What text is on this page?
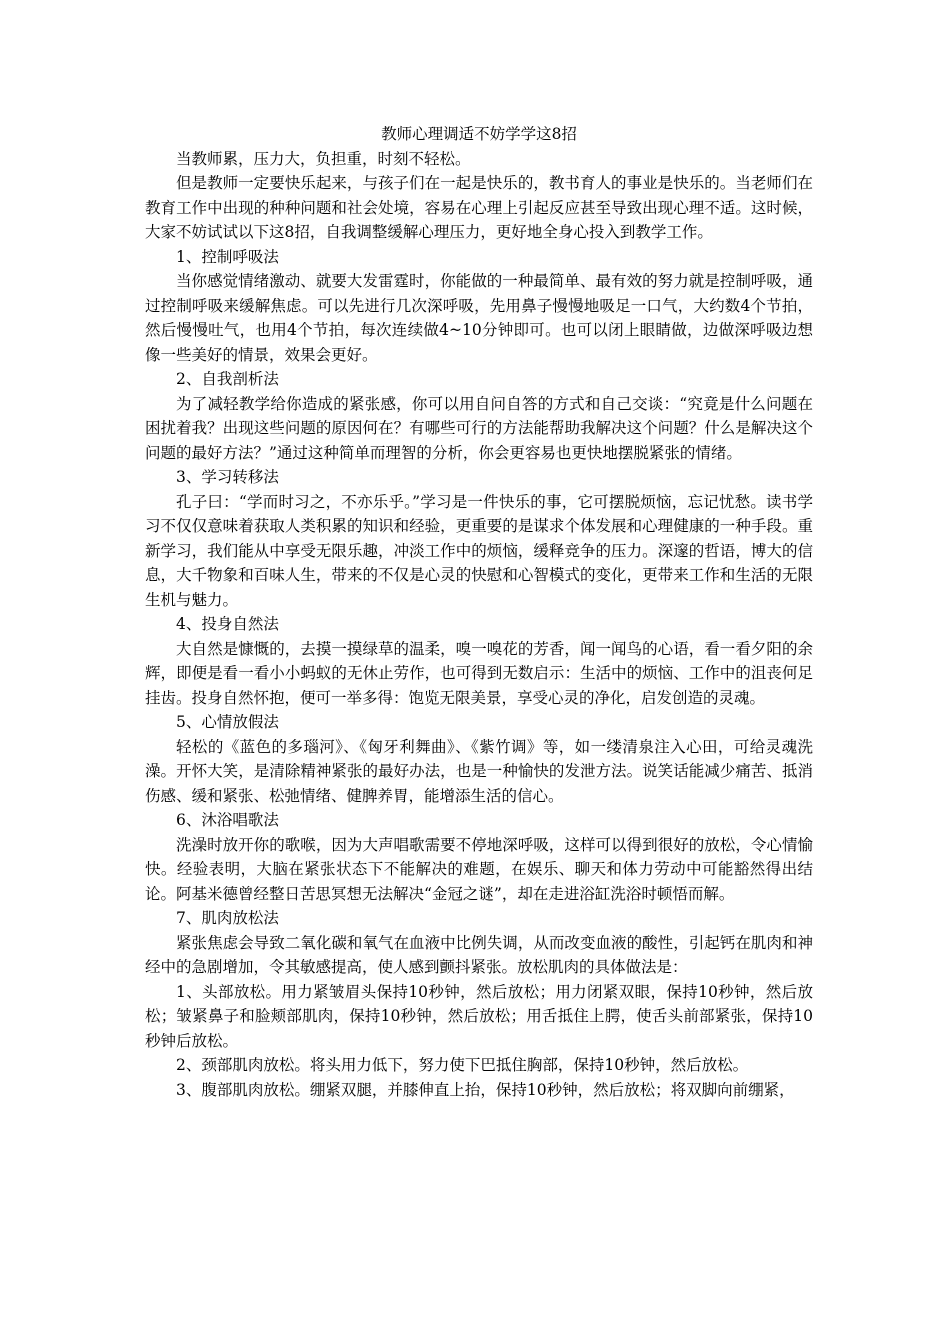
教师心理调适不妨学学这8招

当教师累，压力大，负担重，时刻不轻松。

但是教师一定要快乐起来，与孩子们在一起是快乐的，教书育人的事业是快乐的。当老师们在教育工作中出现的种种问题和社会处境，容易在心理上引起反应甚至导致出现心理不适。这时候，大家不妨试试以下这8招，自我调整缓解心理压力，更好地全身心投入到教学工作。

1、控制呼吸法

当你感觉情绪激动、就要大发雷霆时，你能做的一种最简单、最有效的努力就是控制呼吸，通过控制呼吸来缓解焦虑。可以先进行几次深呼吸，先用鼻子慢慢地吸足一口气，大约数4个节拍，然后慢慢吐气，也用4个节拍，每次连续做4~10分钟即可。也可以闭上眼睛做，边做深呼吸边想像一些美好的情景，效果会更好。

2、自我剖析法

为了减轻教学给你造成的紧张感，你可以用自问自答的方式和自己交谈：“究竟是什么问题在困扰着我？出现这些问题的原因何在？有哪些可行的方法能帮助我解决这个问题？什么是解决这个问题的最好方法？”通过这种简单而理智的分析，你会更容易也更快地摆脱紧张的情绪。

3、学习转移法

孔子曰：“学而时习之，不亦乐乎。”学习是一件快乐的事，它可摆脱烦恼，忘记忧愁。读书学习不仅仅意味着获取人类积累的知识和经验，更重要的是谋求个体发展和心理健康的一种手段。重新学习，我们能从中享受无限乐趣，冲淡工作中的烦恼，缓释竞争的压力。深邃的哲语，博大的信息，大千物象和百味人生，带来的不仅是心灵的快慰和心智模式的变化，更带来工作和生活的无限生机与魅力。

4、投身自然法

大自然是慷慨的，去摸一摸绿草的温柔，嗅一嗅花的芳香，闻一闻鸟的心语，看一看夕阳的余辉，即便是看一看小小蚂蚁的无休止劳作，也可得到无数启示：生活中的烦恼、工作中的沮丧何足挂齿。投身自然怀抱，便可一举多得：饱览无限美景，享受心灵的净化，启发创造的灵魂。

5、心情放假法

轻松的《蓝色的多瑙河》、《匈牙利舞曲》、《紫竹调》等，如一缕清泉注入心田，可给灵魂洗澡。开怀大笑，是清除精神紧张的最好办法，也是一种愉快的发泄方法。说笑话能减少痛苦、抵消伤感、缓和紧张、松弛情绪、健脾养胃，能增添生活的信心。

6、沐浴唱歌法

洗澡时放开你的歌喉，因为大声唱歌需要不停地深呼吸，这样可以得到很好的放松，令心情愉快。经验表明，大脑在紧张状态下不能解决的难题，在娱乐、聊天和体力劳动中可能豁然得出结论。阿基米德曾经整日苦思冥想无法解决“金冠之谜”，却在走进浴缸洗浴时顿悟而解。

7、肌肉放松法

紧张焦虑会导致二氧化碳和氧气在血液中比例失调，从而改变血液的酸性，引起钙在肌肉和神经中的急剧增加，令其敏感提高，使人感到颤抖紧张。放松肌肉的具体做法是：

1、头部放松。用力紧皱眉头保持10秒钟，然后放松；用力闭紧双眼，保持10秒钟，然后放松；皱紧鼻子和脸颊部肌肉，保持10秒钟，然后放松；用舌抵住上腭，使舌头前部紧张，保持10秒钟后放松。

2、颈部肌肉放松。将头用力低下，努力使下巴抵住胸部，保持10秒钟，然后放松。

3、腹部肌肉放松。绷紧双腿，并膝伸直上抬，保持10秒钟，然后放松；将双脚向前绷紧，
